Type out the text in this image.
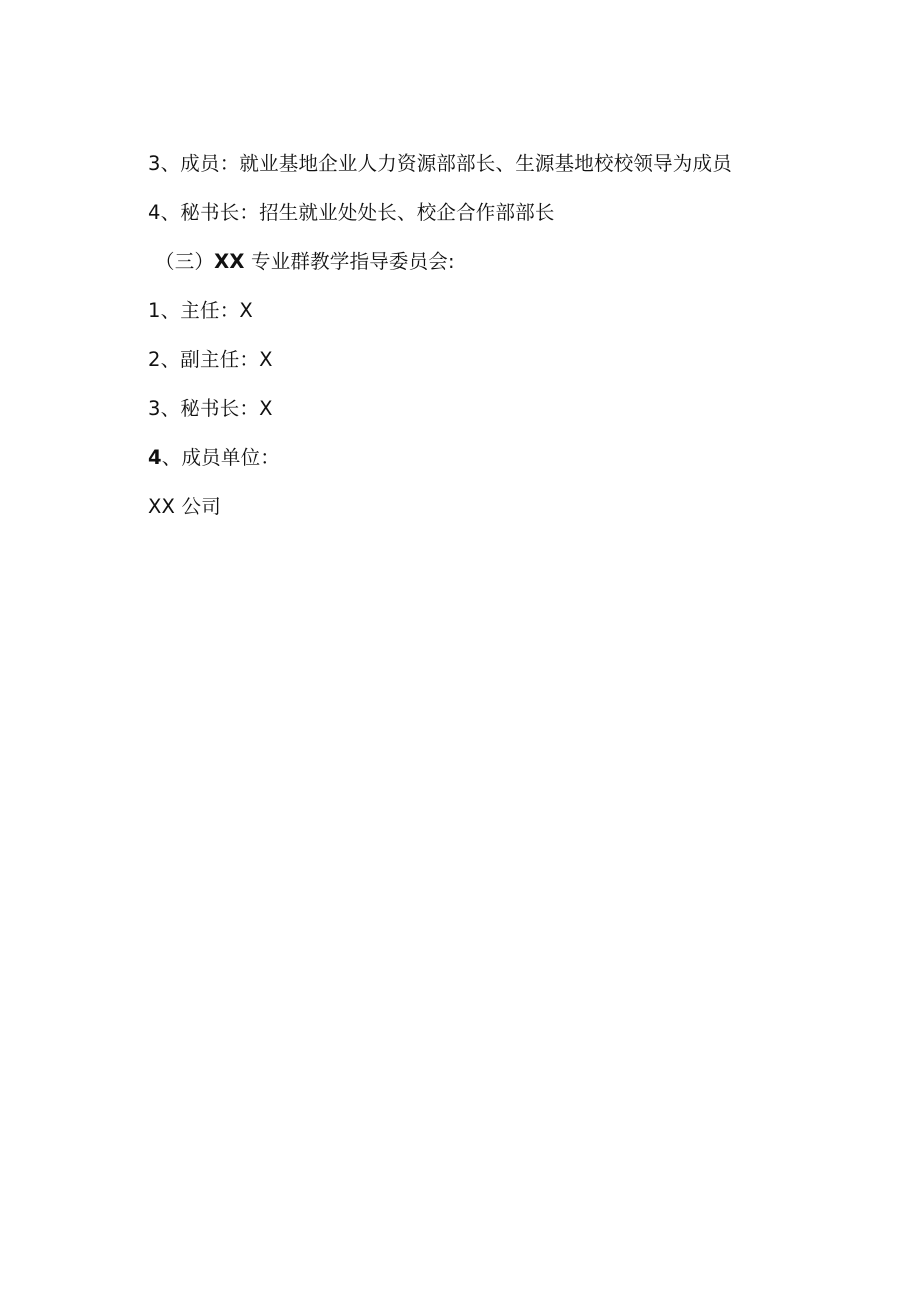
3、成员：就业基地企业人力资源部部长、生源基地校校领导为成员
4、秘书长：招生就业处处长、校企合作部部长
（三）XX 专业群教学指导委员会:
1、主任：X
2、副主任：X
3、秘书长：X
4、成员单位：
XX 公司
